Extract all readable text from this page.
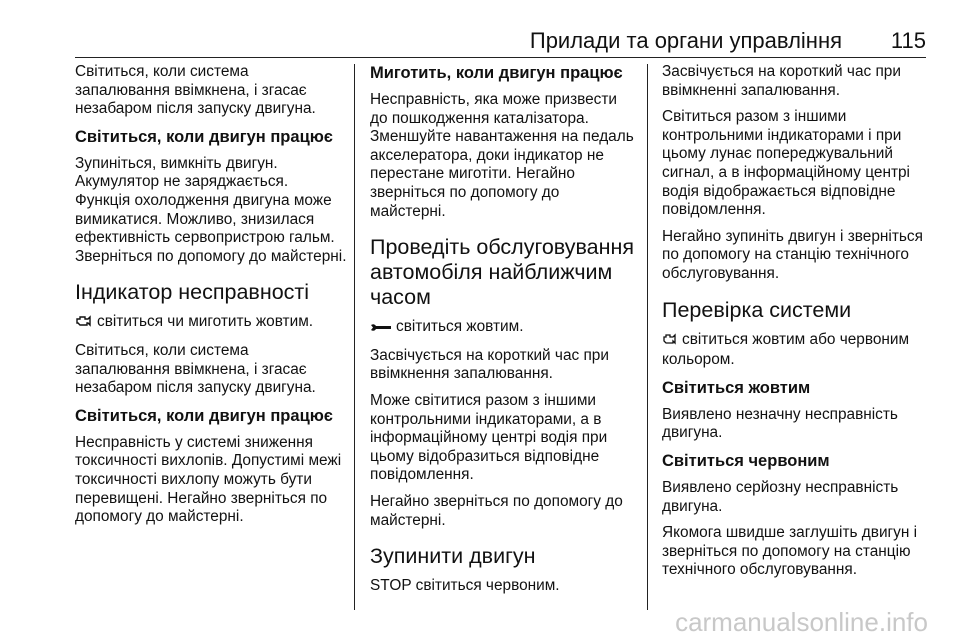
Прилади та органи управління 115

Світиться, коли система запалювання ввімкнена, і згасає незабаром після запуску двигуна.

Світиться, коли двигун працює

Зупиніться, вимкніть двигун. Акумулятор не заряджається. Функція охолодження двигуна може вимикатися. Можливо, знизилася ефективність сервопристрою гальм. Зверніться по допомогу до майстерні.

Індикатор несправності

світиться чи миготить жовтим.

Світиться, коли система запалювання ввімкнена, і згасає незабаром після запуску двигуна.

Світиться, коли двигун працює

Несправність у системі зниження токсичності вихлопів. Допустимі межі токсичності вихлопу можуть бути перевищені. Негайно зверніться по допомогу до майстерні.

Миготить, коли двигун працює

Несправність, яка може призвести до пошкодження каталізатора. Зменшуйте навантаження на педаль акселератора, доки індикатор не перестане миготіти. Негайно зверніться по допомогу до майстерні.

Проведіть обслуговування автомобіля найближчим часом

світиться жовтим.

Засвічується на короткий час при ввімкнення запалювання.

Може світитися разом з іншими контрольними індикаторами, а в інформаційному центрі водія при цьому відобразиться відповідне повідомлення.

Негайно зверніться по допомогу до майстерні.

Зупинити двигун

STOP світиться червоним.

Засвічується на короткий час при ввімкненні запалювання.

Світиться разом з іншими контрольними індикаторами і при цьому лунає попереджувальний сигнал, а в інформаційному центрі водія відображається відповідне повідомлення.

Негайно зупиніть двигун і зверніться по допомогу на станцію технічного обслуговування.

Перевірка системи

світиться жовтим або червоним кольором.

Світиться жовтим

Виявлено незначну несправність двигуна.

Світиться червоним

Виявлено серйозну несправність двигуна.

Якомога швидше заглушіть двигун і зверніться по допомогу на станцію технічного обслуговування.

carmanualsonline.info
